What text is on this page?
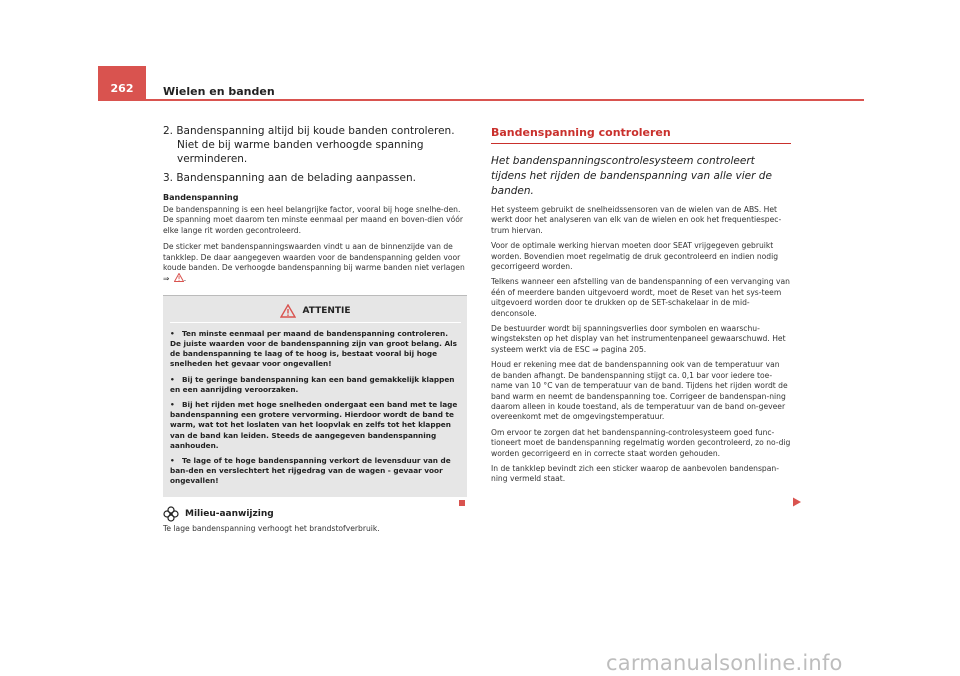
262	Wielen en banden
2. Bandenspanning altijd bij koude banden controleren. Niet de bij warme banden verhoogde spanning verminderen.
3. Bandenspanning aan de belading aanpassen.
Bandenspanning
De bandenspanning is een heel belangrijke factor, vooral bij hoge snelhe-den. De spanning moet daarom ten minste eenmaal per maand en boven-dien vóór elke lange rit worden gecontroleerd.
De sticker met bandenspanningswaarden vindt u aan de binnenzijde van de tankklep. De daar aangegeven waarden voor de bandenspanning gelden voor koude banden. De verhoogde bandenspanning bij warme banden niet verlagen ⇒ .
ATTENTIE
• Ten minste eenmaal per maand de bandenspanning controleren. De juiste waarden voor de bandenspanning zijn van groot belang. Als de bandenspanning te laag of te hoog is, bestaat vooral bij hoge snelheden het gevaar voor ongevallen!
• Bij te geringe bandenspanning kan een band gemakkelijk klappen en een aanrijding veroorzaken.
• Bij het rijden met hoge snelheden ondergaat een band met te lage bandenspanning een grotere vervorming. Hierdoor wordt de band te warm, wat tot het loslaten van het loopvlak en zelfs tot het klappen van de band kan leiden. Steeds de aangegeven bandenspanning aanhouden.
• Te lage of te hoge bandenspanning verkort de levensduur van de ban-den en verslechtert het rijgedrag van de wagen - gevaar voor ongevallen!
Milieu-aanwijzing
Te lage bandenspanning verhoogt het brandstofverbruik.
Bandenspanning controleren
Het bandenspanningscontrolesysteem controleert tijdens het rijden de bandenspanning van alle vier de banden.
Het systeem gebruikt de snelheidssensoren van de wielen van de ABS. Het werkt door het analyseren van elk van de wielen en ook het frequentiespec-trum hiervan.
Voor de optimale werking hiervan moeten door SEAT vrijgegeven gebruikt worden. Bovendien moet regelmatig de druk gecontroleerd en indien nodig gecorrigeerd worden.
Telkens wanneer een afstelling van de bandenspanning of een vervanging van één of meerdere banden uitgevoerd wordt, moet de Reset van het sys-teem uitgevoerd worden door te drukken op de SET-schakelaar in de mid-denconsole.
De bestuurder wordt bij spanningsverlies door symbolen en waarschu-wingsteksten op het display van het instrumentenpaneel gewaarschuwd. Het systeem werkt via de ESC ⇒ pagina 205.
Houd er rekening mee dat de bandenspanning ook van de temperatuur van de banden afhangt. De bandenspanning stijgt ca. 0,1 bar voor iedere toe-name van 10 °C van de temperatuur van de band. Tijdens het rijden wordt de band warm en neemt de bandenspanning toe. Corrigeer de bandenspan-ning daarom alleen in koude toestand, als de temperatuur van de band on-geveer overeenkomt met de omgevingstemperatuur.
Om ervoor te zorgen dat het bandenspanning-controlesysteem goed func-tioneert moet de bandenspanning regelmatig worden gecontroleerd, zo no-dig worden gecorrigeerd en in correcte staat worden gehouden.
In de tankklep bevindt zich een sticker waarop de aanbevolen bandenspan-ning vermeld staat.
carmanualsonline.info
